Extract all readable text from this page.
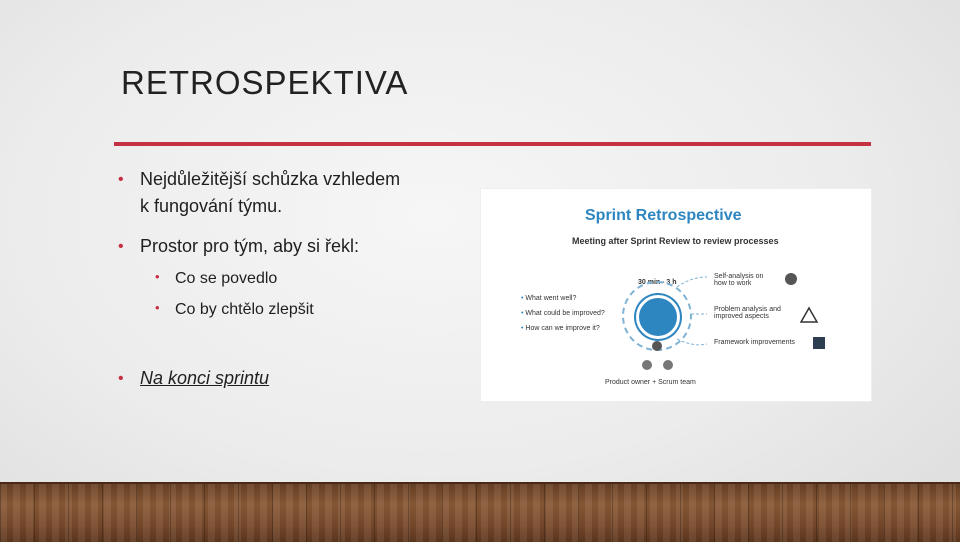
RETROSPEKTIVA
• Nejdůležitější schůzka vzhledem
k fungování týmu.
• Prostor pro tým, aby si řekl:
• Co se povedlo
• Co by chtělo zlepšit
• Na konci sprintu
Sprint Retrospective
Meeting after Sprint Review to review processes
30 min - 3 h
• What went well?
• What could be improved?
• How can we improve it?
Self-analysis on
how to work
Problem analysis and
improved aspects
Framework improvements
Product owner + Scrum team
